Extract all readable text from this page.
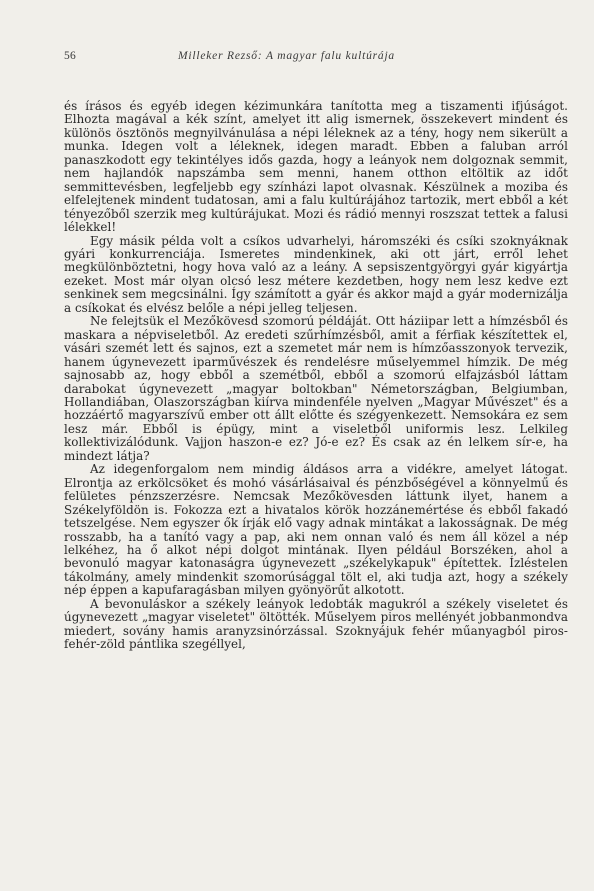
56	Milleker Rezső: A magyar falu kultúrája

és írásos és egyéb idegen kézimunkára tanította meg a tiszamenti ifjúságot. Elhozta magával a kék színt, amelyet itt alig ismernek, összekevert mindent és különös ösztönös megnyilvánulása a népi léleknek az a tény, hogy nem sikerült a munka. Idegen volt a léleknek, idegen maradt. Ebben a faluban arról panaszkodott egy tekintélyes idős gazda, hogy a leányok nem dolgoznak semmit, nem hajlandók napszámba sem menni, hanem otthon eltöltik az időt semmittevésben, legfeljebb egy színházi lapot olvasnak. Készülnek a moziba és elfelejtenek mindent tudatosan, ami a falu kultúrájához tartozik, mert ebből a két tényezőből szerzik meg kultúrájukat. Mozi és rádió mennyi roszszat tettek a falusi lélekkel!

Egy másik példa volt a csíkos udvarhelyi, háromszéki és csíki szoknyáknak gyári konkurrenciája. Ismeretes mindenkinek, aki ott járt, erről lehet megkülönböztetni, hogy hova való az a leány. A sepsiszentgyörgyi gyár kigyártja ezeket. Most már olyan olcsó lesz métere kezdetben, hogy nem lesz kedve ezt senkinek sem megcsinálni. Így számított a gyár és akkor majd a gyár modernizálja a csíkokat és elvész belőle a népi jelleg teljesen.

Ne felejtsük el Mezőkövesd szomorú példáját. Ott háziipar lett a hímzésből és maskara a népviseletből. Az eredeti szűrhímzésből, amit a férfiak készítettek el, vásári szemét lett és sajnos, ezt a szemetet már nem is hímzőasszonyok tervezik, hanem úgynevezett iparművészek és rendelésre műselyemmel hímzik. De még sajnosabb az, hogy ebből a szemétből, ebből a szomorú elfajzásból láttam darabokat úgynevezett „magyar boltokban" Németországban, Belgiumban, Hollandiában, Olaszországban kiírva mindenféle nyelven „Magyar Művészet" és a hozzáértő magyarszívű ember ott állt előtte és szégyenkezett. Nemsokára ez sem lesz már. Ebből is épügy, mint a viseletből uniformis lesz. Lelkileg kollektivizálódunk. Vajjon haszon-e ez? Jó-e ez? És csak az én lelkem sír-e, ha mindezt látja?

Az idegenforgalom nem mindig áldásos arra a vidékre, amelyet látogat. Elrontja az erkölcsöket és mohó vásárlásaival és pénzbőségével a könnyelmű és felületes pénzszerzésre. Nemcsak Mezőkövesden láttunk ilyet, hanem a Székelyföldön is. Fokozza ezt a hivatalos körök hozzánemértése és ebből fakadó tetszelgése. Nem egyszer ők írják elő vagy adnak mintákat a lakosságnak. De még rosszabb, ha a tanító vagy a pap, aki nem onnan való és nem áll közel a nép lelkéhez, ha ő alkot népi dolgot mintának. Ilyen például Borszéken, ahol a bevonuló magyar katonaságra úgynevezett „székelykapuk" építettek. Ízléstelen tákolmány, amely mindenkit szomorúsággal tölt el, aki tudja azt, hogy a székely nép éppen a kapufaragásban milyen gyönyörűt alkotott.

A bevonuláskor a székely leányok ledobták magukról a székely viseletet és úgynevezett „magyar viseletet" öltötték. Műselyem piros mellényét jobbanmondva miedert, sovány hamis aranyzsinórzással. Szoknyájuk fehér műanyagból piros-fehér-zöld pántlika szegéllyel,
